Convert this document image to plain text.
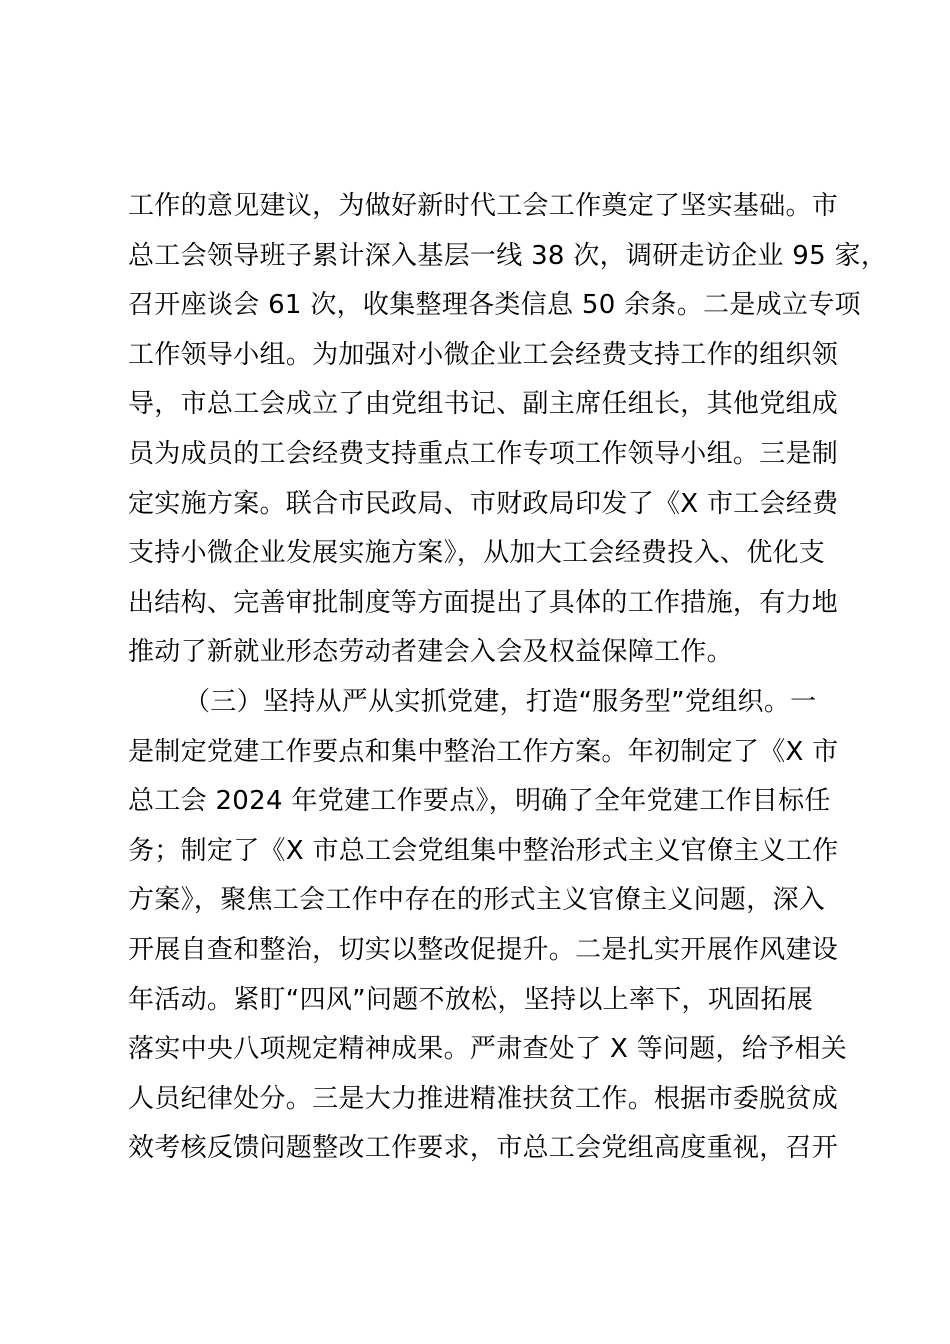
工作的意见建议，为做好新时代工会工作奠定了坚实基础。市
总工会领导班子累计深入基层一线 38 次，调研走访企业 95 家，
召开座谈会 61 次，收集整理各类信息 50 余条。二是成立专项
工作领导小组。为加强对小微企业工会经费支持工作的组织领
导，市总工会成立了由党组书记、副主席任组长，其他党组成
员为成员的工会经费支持重点工作专项工作领导小组。三是制
定实施方案。联合市民政局、市财政局印发了《X 市工会经费
支持小微企业发展实施方案》，从加大工会经费投入、优化支
出结构、完善审批制度等方面提出了具体的工作措施，有力地
推动了新就业形态劳动者建会入会及权益保障工作。
（三）坚持从严从实抓党建，打造“服务型”党组织。一
是制定党建工作要点和集中整治工作方案。年初制定了《X 市
总工会 2024 年党建工作要点》，明确了全年党建工作目标任
务；制定了《X 市总工会党组集中整治形式主义官僚主义工作
方案》，聚焦工会工作中存在的形式主义官僚主义问题，深入
开展自查和整治，切实以整改促提升。二是扎实开展作风建设
年活动。紧盯“四风”问题不放松，坚持以上率下，巩固拓展
落实中央八项规定精神成果。严肃查处了 X 等问题，给予相关
人员纪律处分。三是大力推进精准扶贫工作。根据市委脱贫成
效考核反馈问题整改工作要求，市总工会党组高度重视，召开
